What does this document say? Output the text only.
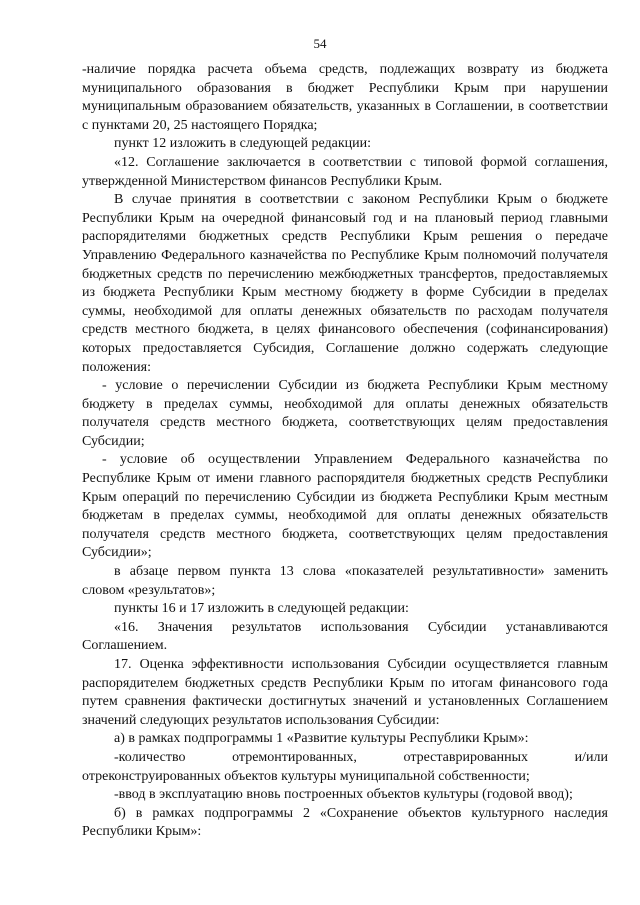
54

-наличие порядка расчета объема средств, подлежащих возврату из бюджета муниципального образования в бюджет Республики Крым при нарушении муниципальным образованием обязательств, указанных в Соглашении, в соответствии с пунктами 20, 25 настоящего Порядка;

пункт 12 изложить в следующей редакции:

«12. Соглашение заключается в соответствии с типовой формой соглашения, утвержденной Министерством финансов Республики Крым.

В случае принятия в соответствии с законом Республики Крым о бюджете Республики Крым на очередной финансовый год и на плановый период главными распорядителями бюджетных средств Республики Крым решения о передаче Управлению Федерального казначейства по Республике Крым полномочий получателя бюджетных средств по перечислению межбюджетных трансфертов, предоставляемых из бюджета Республики Крым местному бюджету в форме Субсидии в пределах суммы, необходимой для оплаты денежных обязательств по расходам получателя средств местного бюджета, в целях финансового обеспечения (софинансирования) которых предоставляется Субсидия, Соглашение должно содержать следующие положения:

- условие о перечислении Субсидии из бюджета Республики Крым местному бюджету в пределах суммы, необходимой для оплаты денежных обязательств получателя средств местного бюджета, соответствующих целям предоставления Субсидии;

- условие об осуществлении Управлением Федерального казначейства по Республике Крым от имени главного распорядителя бюджетных средств Республики Крым операций по перечислению Субсидии из бюджета Республики Крым местным бюджетам в пределах суммы, необходимой для оплаты денежных обязательств получателя средств местного бюджета, соответствующих целям предоставления Субсидии»;

в абзаце первом пункта 13 слова «показателей результативности» заменить словом «результатов»;

пункты 16 и 17 изложить в следующей редакции:

«16. Значения результатов использования Субсидии устанавливаются Соглашением.

17. Оценка эффективности использования Субсидии осуществляется главным распорядителем бюджетных средств Республики Крым по итогам финансового года путем сравнения фактически достигнутых значений и установленных Соглашением значений следующих результатов использования Субсидии:

а) в рамках подпрограммы 1 «Развитие культуры Республики Крым»:

-количество отремонтированных, отреставрированных и/или отреконструированных объектов культуры муниципальной собственности;

-ввод в эксплуатацию вновь построенных объектов культуры (годовой ввод);

б) в рамках подпрограммы 2 «Сохранение объектов культурного наследия Республики Крым»:
